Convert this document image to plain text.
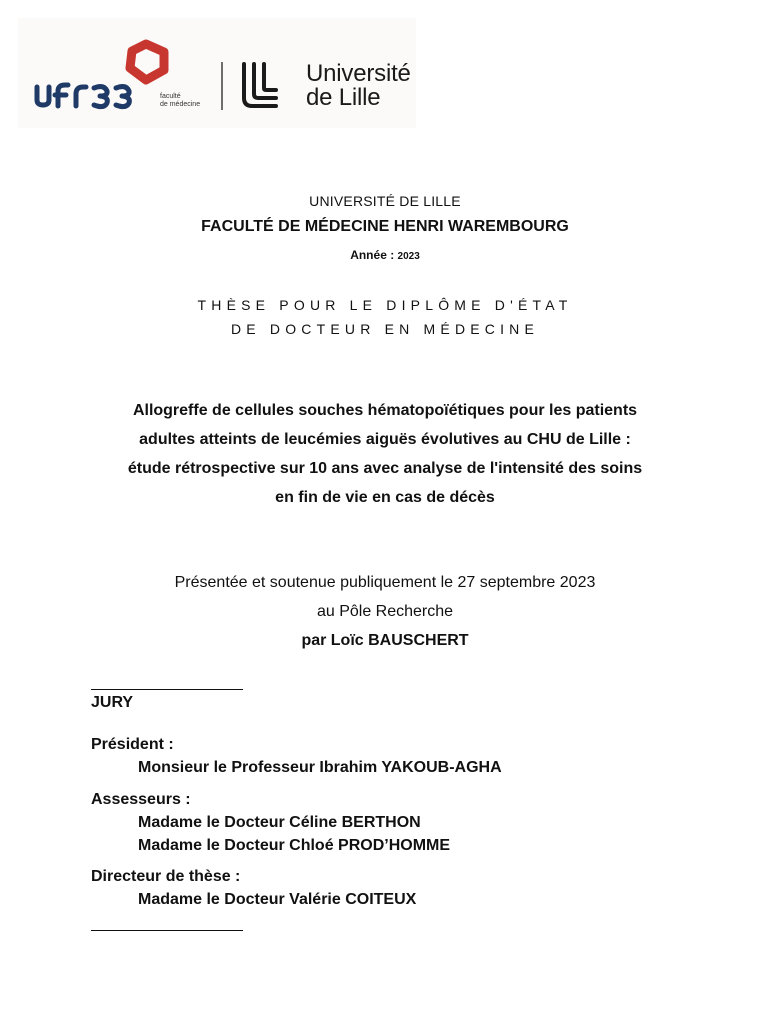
faculté
de médecine
Université
de Lille
UNIVERSITÉ DE LILLE
FACULTÉ DE MÉDECINE HENRI WAREMBOURG
Année : 2023
THÈSE POUR LE DIPLÔME D'ÉTAT
DE DOCTEUR EN MÉDECINE
Allogreffe de cellules souches hématopoïétiques pour les patients
adultes atteints de leucémies aiguës évolutives au CHU de Lille :
étude rétrospective sur 10 ans avec analyse de l'intensité des soins
en fin de vie en cas de décès
Présentée et soutenue publiquement le 27 septembre 2023
au Pôle Recherche
par Loïc BAUSCHERT
JURY
Président :
Monsieur le Professeur Ibrahim YAKOUB-AGHA
Assesseurs :
Madame le Docteur Céline BERTHON
Madame le Docteur Chloé PROD’HOMME
Directeur de thèse :
Madame le Docteur Valérie COITEUX
